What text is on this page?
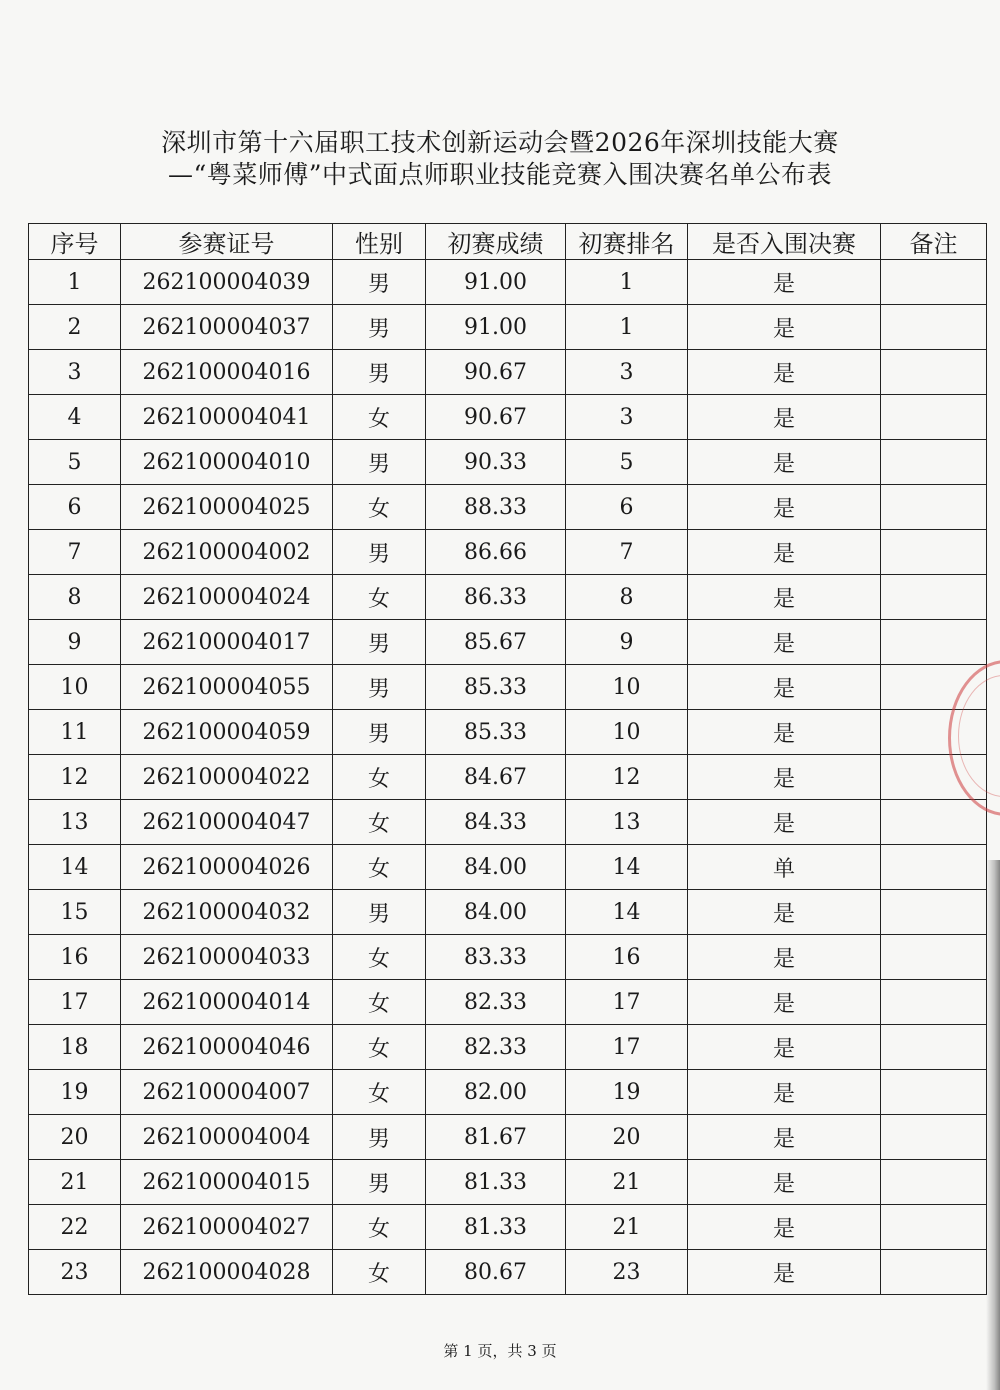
深圳市第十六届职工技术创新运动会暨2026年深圳技能大赛
—“粤菜师傅”中式面点师职业技能竞赛入围决赛名单公布表
序号	参赛证号	性别	初赛成绩	初赛排名	是否入围决赛	备注
1	262100004039	男	91.00	1	是	
2	262100004037	男	91.00	1	是	
3	262100004016	男	90.67	3	是	
4	262100004041	女	90.67	3	是	
5	262100004010	男	90.33	5	是	
6	262100004025	女	88.33	6	是	
7	262100004002	男	86.66	7	是	
8	262100004024	女	86.33	8	是	
9	262100004017	男	85.67	9	是	
10	262100004055	男	85.33	10	是	
11	262100004059	男	85.33	10	是	
12	262100004022	女	84.67	12	是	
13	262100004047	女	84.33	13	是	
14	262100004026	女	84.00	14	单	
15	262100004032	男	84.00	14	是	
16	262100004033	女	83.33	16	是	
17	262100004014	女	82.33	17	是	
18	262100004046	女	82.33	17	是	
19	262100004007	女	82.00	19	是	
20	262100004004	男	81.67	20	是	
21	262100004015	男	81.33	21	是	
22	262100004027	女	81.33	21	是	
23	262100004028	女	80.67	23	是	
第 1 页，共 3 页
